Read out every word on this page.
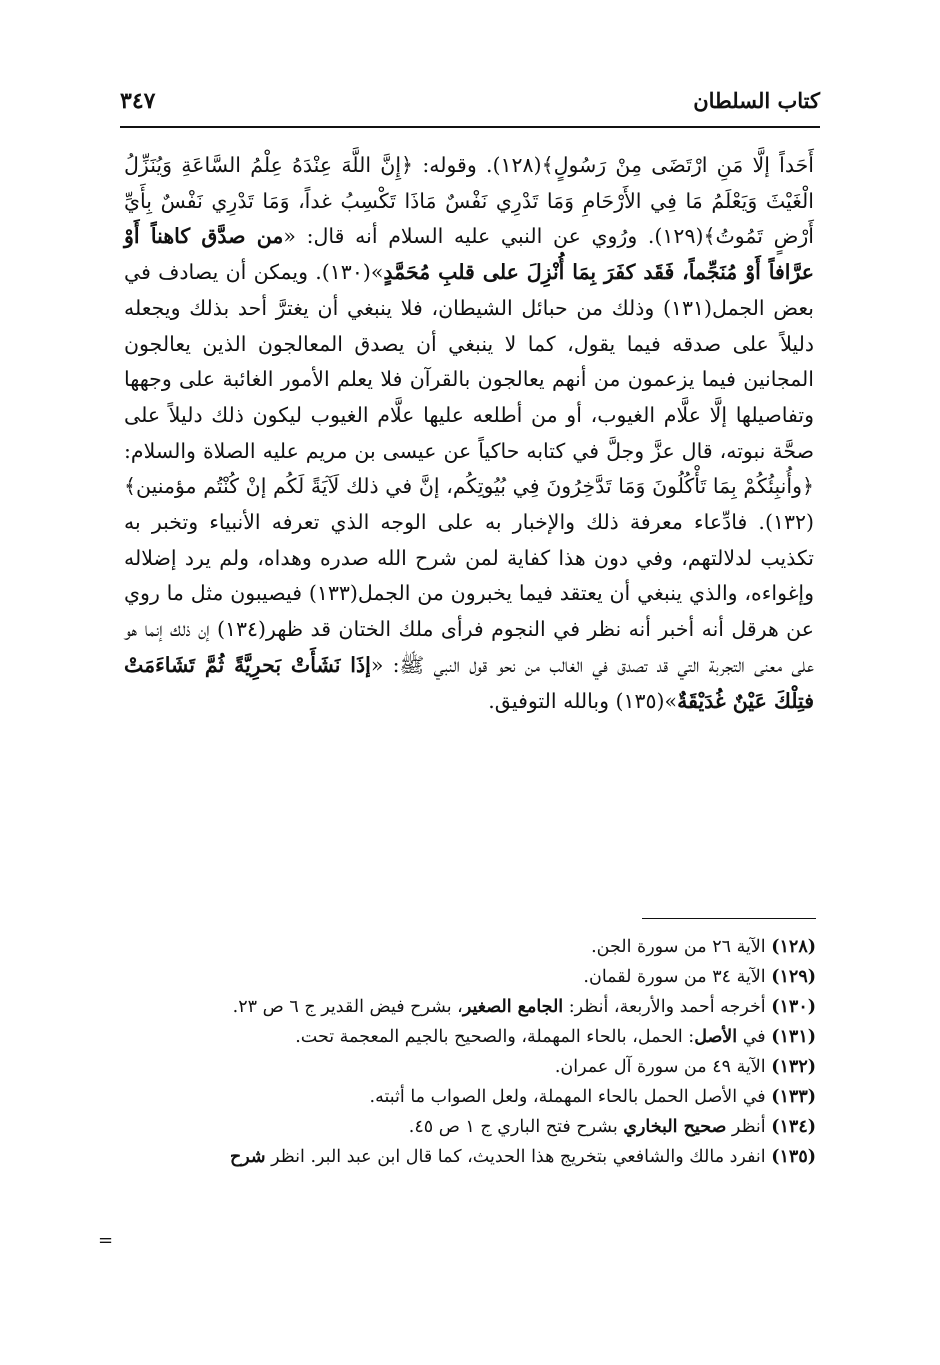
كتاب السلطان
٣٤٧

أَحَداً إلَّا مَنِ ارْتَضَى مِنْ رَسُولٍ﴾(١٢٨). وقوله: ﴿إِنَّ اللَّهَ عِنْدَهُ عِلْمُ السَّاعَةِ وَيُنَزِّلُ الْغَيْثَ وَيَعْلَمُ مَا فِي الأَرْحَامِ وَمَا تَدْرِي نَفْسٌ مَاذَا تَكْسِبُ غداً، وَمَا تَدْرِي نَفْسٌ بِأَيِّ أَرْضٍ تَمُوتُ﴾(١٢٩). ورُوي عن النبي عليه السلام أنه قال: «من صدَّق كاهناً أَوْ عرَّافاً أَوْ مُنَجِّماً، فَقَد كفَرَ بِمَا أُنْزِلَ على قلبِ مُحَمَّدٍ»(١٣٠). ويمكن أن يصادف في بعض الجمل(١٣١) وذلك من حبائل الشيطان، فلا ينبغي أن يغترَّ أحد بذلك ويجعله دليلاً على صدقه فيما يقول، كما لا ينبغي أن يصدق المعالجون الذين يعالجون المجانين فيما يزعمون من أنهم يعالجون بالقرآن فلا يعلم الأمور الغائبة على وجهها وتفاصيلها إلَّا علَّام الغيوب، أو من أطلعه عليها علَّام الغيوب ليكون ذلك دليلاً على صحَّة نبوته، قال عزَّ وجلَّ في كتابه حاكياً عن عيسى بن مريم عليه الصلاة والسلام: ﴿وأُنبِئُكُمْ بِمَا تَأْكُلُونَ وَمَا تَدَّخِرُونَ فِي بُيُوتِكُم، إنَّ في ذلك لَآيَةً لَكُم إنْ كُنْتُم مؤمنين﴾(١٣٢). فادِّعاء معرفة ذلك والإخبار به على الوجه الذي تعرفه الأنبياء وتخبر به تكذيب لدلالتهم، وفي دون هذا كفاية لمن شرح الله صدره وهداه، ولم يرد إضلاله وإغواءه، والذي ينبغي أن يعتقد فيما يخبرون من الجمل(١٣٣) فيصيبون مثل ما روي عن هرقل أنه أخبر أنه نظر في النجوم فرأى ملك الختان قد ظهر(١٣٤) إن ذلك إنما هو على معنى التجربة التي قد تصدق في الغالب من نحو قول النبي ﷺ: «إذَا نَشَأَتْ بَحرِيَّةً ثُمَّ تَشَاءَمَتْ فتِلْكَ عَيْنٌ غُدَيْقَةٌ»(١٣٥) وبالله التوفيق.

(١٢٨) الآية ٢٦ من سورة الجن.
(١٢٩) الآية ٣٤ من سورة لقمان.
(١٣٠) أخرجه أحمد والأربعة، أنظر: الجامع الصغير، بشرح فيض القدير ج ٦ ص ٢٣.
(١٣١) في الأصل: الحمل، بالحاء المهملة، والصحيح بالجيم المعجمة تحت.
(١٣٢) الآية ٤٩ من سورة آل عمران.
(١٣٣) في الأصل الحمل بالحاء المهملة، ولعل الصواب ما أثبته.
(١٣٤) أنظر صحيح البخاري بشرح فتح الباري ج ١ ص ٤٥.
(١٣٥) انفرد مالك والشافعي بتخريج هذا الحديث، كما قال ابن عبد البر. انظر شرح
=
